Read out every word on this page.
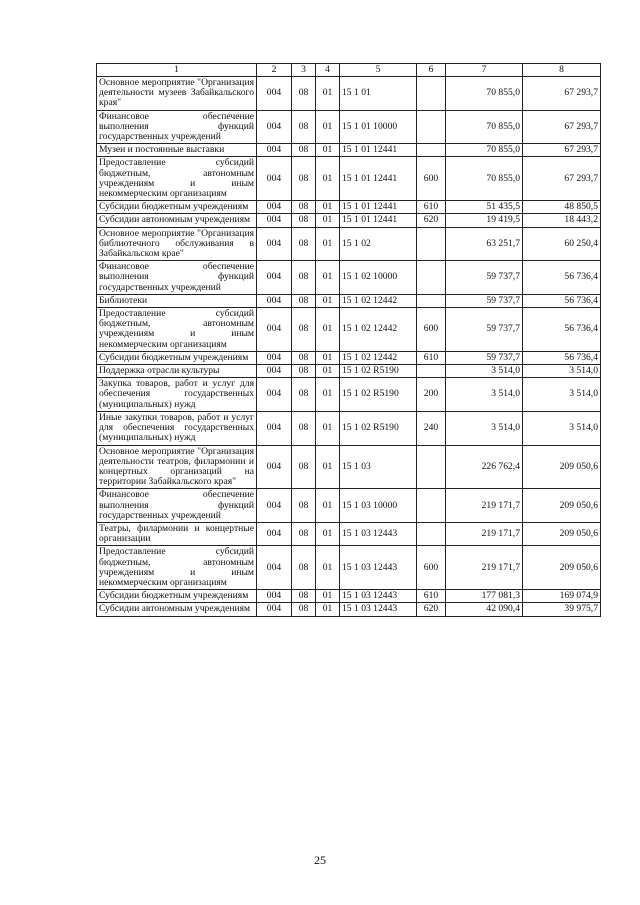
1	2	3	4	5	6	7	8
Основное мероприятие "Организация деятельности музеев Забайкальского края"	004	08	01	15 1 01		70 855,0	67 293,7
Финансовое обеспечение выполнения функций государственных учреждений	004	08	01	15 1 01 10000		70 855,0	67 293,7
Музеи и постоянные выставки	004	08	01	15 1 01 12441		70 855,0	67 293,7
Предоставление субсидий бюджетным, автономным учреждениям и иным некоммерческим организациям	004	08	01	15 1 01 12441	600	70 855,0	67 293,7
Субсидии бюджетным учреждениям	004	08	01	15 1 01 12441	610	51 435,5	48 850,5
Субсидии автономным учреждениям	004	08	01	15 1 01 12441	620	19 419,5	18 443,2
Основное мероприятие "Организация библиотечного обслуживания в Забайкальском крае"	004	08	01	15 1 02		63 251,7	60 250,4
Финансовое обеспечение выполнения функций государственных учреждений	004	08	01	15 1 02 10000		59 737,7	56 736,4
Библиотеки	004	08	01	15 1 02 12442		59 737,7	56 736,4
Предоставление субсидий бюджетным, автономным учреждениям и иным некоммерческим организациям	004	08	01	15 1 02 12442	600	59 737,7	56 736,4
Субсидии бюджетным учреждениям	004	08	01	15 1 02 12442	610	59 737,7	56 736,4
Поддержка отрасли культуры	004	08	01	15 1 02 R5190		3 514,0	3 514,0
Закупка товаров, работ и услуг для обеспечения государственных (муниципальных) нужд	004	08	01	15 1 02 R5190	200	3 514,0	3 514,0
Иные закупки товаров, работ и услуг для обеспечения государственных (муниципальных) нужд	004	08	01	15 1 02 R5190	240	3 514,0	3 514,0
Основное мероприятие "Организация деятельности театров, филармонии и концертных организаций на территории Забайкальского края"	004	08	01	15 1 03		226 762,4	209 050,6
Финансовое обеспечение выполнения функций государственных учреждений	004	08	01	15 1 03 10000		219 171,7	209 050,6
Театры, филармонии и концертные организации	004	08	01	15 1 03 12443		219 171,7	209 050,6
Предоставление субсидий бюджетным, автономным учреждениям и иным некоммерческим организациям	004	08	01	15 1 03 12443	600	219 171,7	209 050,6
Субсидии бюджетным учреждениям	004	08	01	15 1 03 12443	610	177 081,3	169 074,9
Субсидии автономным учреждениям	004	08	01	15 1 03 12443	620	42 090,4	39 975,7
25
